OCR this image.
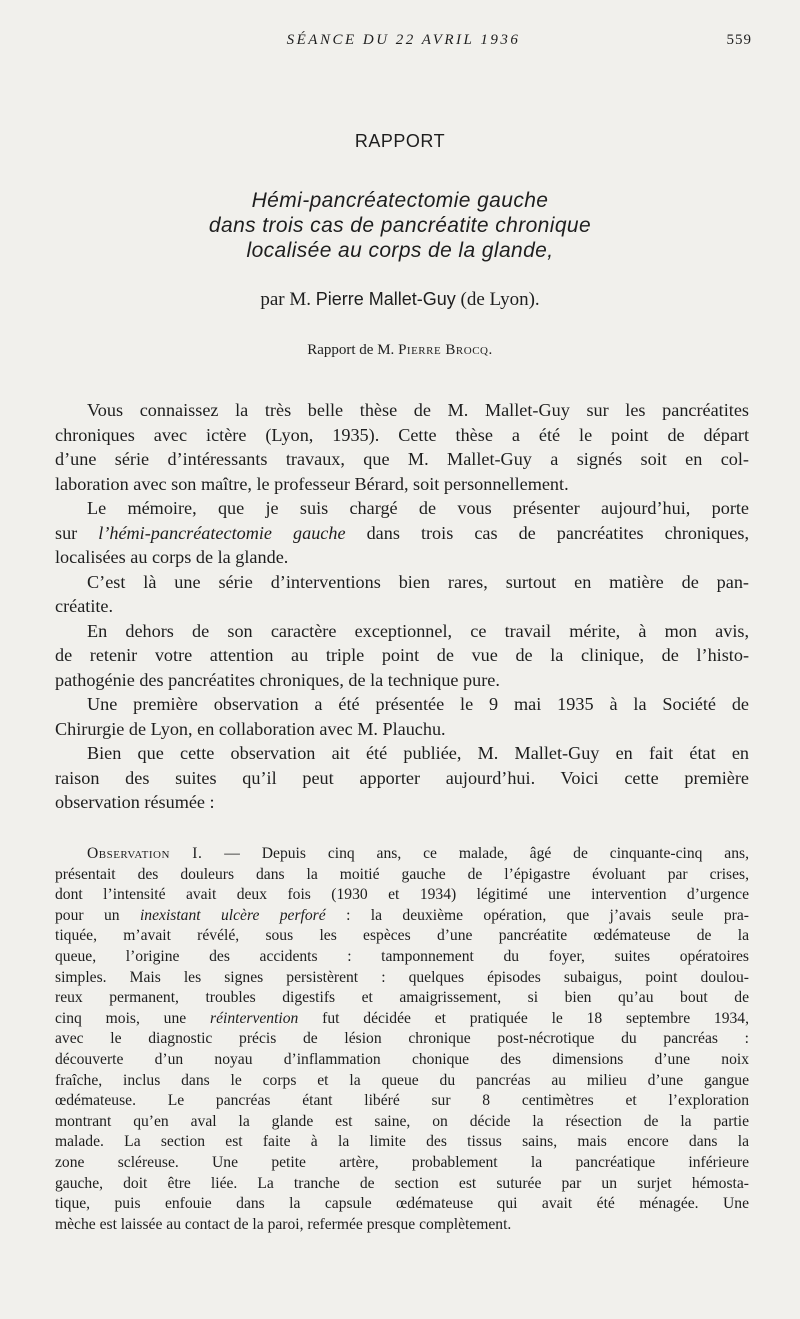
SÉANCE DU 22 AVRIL 1936	559
RAPPORT
Hémi-pancréatectomie gauche
dans trois cas de pancréatite chronique
localisée au corps de la glande,
par M. Pierre Mallet-Guy (de Lyon).
Rapport de M. Pierre Brocq.
Vous connaissez la très belle thèse de M. Mallet-Guy sur les pancréatites
chroniques avec ictère (Lyon, 1935). Cette thèse a été le point de départ
d’une série d’intéressants travaux, que M. Mallet-Guy a signés soit en col-
laboration avec son maître, le professeur Bérard, soit personnellement.
Le mémoire, que je suis chargé de vous présenter aujourd’hui, porte
sur l’hémi-pancréatectomie gauche dans trois cas de pancréatites chroniques,
localisées au corps de la glande.
C’est là une série d’interventions bien rares, surtout en matière de pan-
créatite.
En dehors de son caractère exceptionnel, ce travail mérite, à mon avis,
de retenir votre attention au triple point de vue de la clinique, de l’histo-
pathogénie des pancréatites chroniques, de la technique pure.
Une première observation a été présentée le 9 mai 1935 à la Société de
Chirurgie de Lyon, en collaboration avec M. Plauchu.
Bien que cette observation ait été publiée, M. Mallet-Guy en fait état en
raison des suites qu’il peut apporter aujourd’hui. Voici cette première
observation résumée :
Observation I. — Depuis cinq ans, ce malade, âgé de cinquante-cinq ans,
présentait des douleurs dans la moitié gauche de l’épigastre évoluant par crises,
dont l’intensité avait deux fois (1930 et 1934) légitimé une intervention d’urgence
pour un inexistant ulcère perforé : la deuxième opération, que j’avais seule pra-
tiquée, m’avait révélé, sous les espèces d’une pancréatite œdémateuse de la
queue, l’origine des accidents : tamponnement du foyer, suites opératoires
simples. Mais les signes persistèrent : quelques épisodes subaigus, point doulou-
reux permanent, troubles digestifs et amaigrissement, si bien qu’au bout de
cinq mois, une réintervention fut décidée et pratiquée le 18 septembre 1934,
avec le diagnostic précis de lésion chronique post-nécrotique du pancréas :
découverte d’un noyau d’inflammation chonique des dimensions d’une noix
fraîche, inclus dans le corps et la queue du pancréas au milieu d’une gangue
œdémateuse. Le pancréas étant libéré sur 8 centimètres et l’exploration
montrant qu’en aval la glande est saine, on décide la résection de la partie
malade. La section est faite à la limite des tissus sains, mais encore dans la
zone scléreuse. Une petite artère, probablement la pancréatique inférieure
gauche, doit être liée. La tranche de section est suturée par un surjet hémosta-
tique, puis enfouie dans la capsule œdémateuse qui avait été ménagée. Une
mèche est laissée au contact de la paroi, refermée presque complètement.
